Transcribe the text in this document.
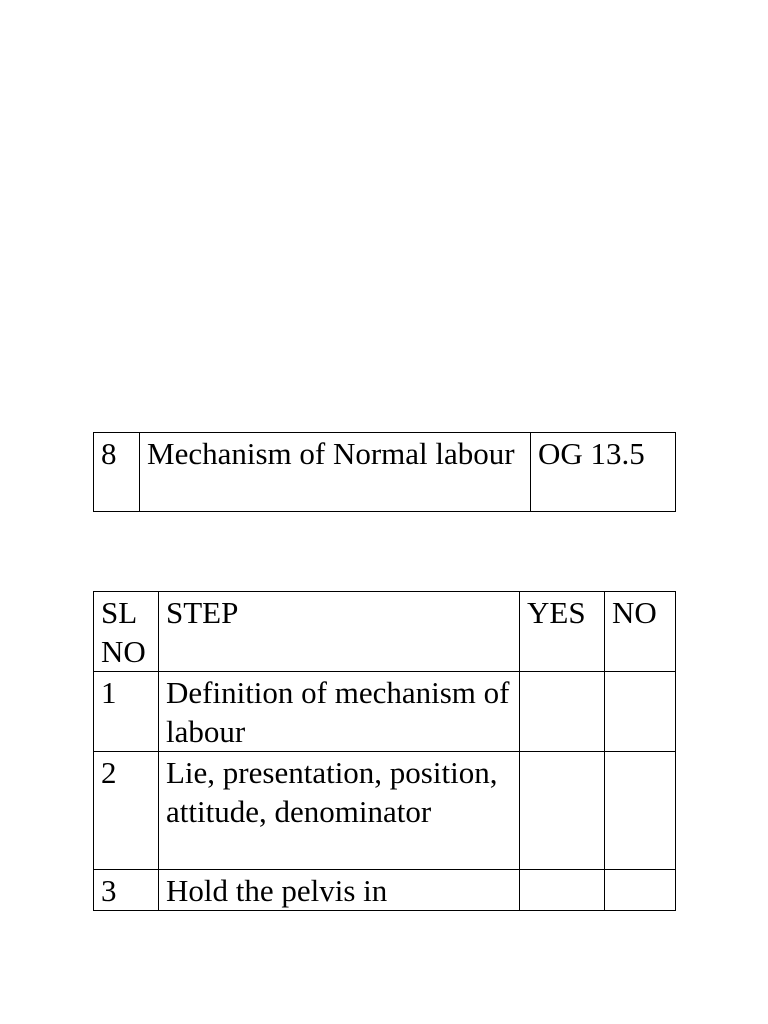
8	Mechanism of Normal labour	OG 13.5
SL NO	STEP	YES	NO
1	Definition of mechanism of labour		
2	Lie, presentation, position, attitude, denominator		
3	Hold the pelvis in		
